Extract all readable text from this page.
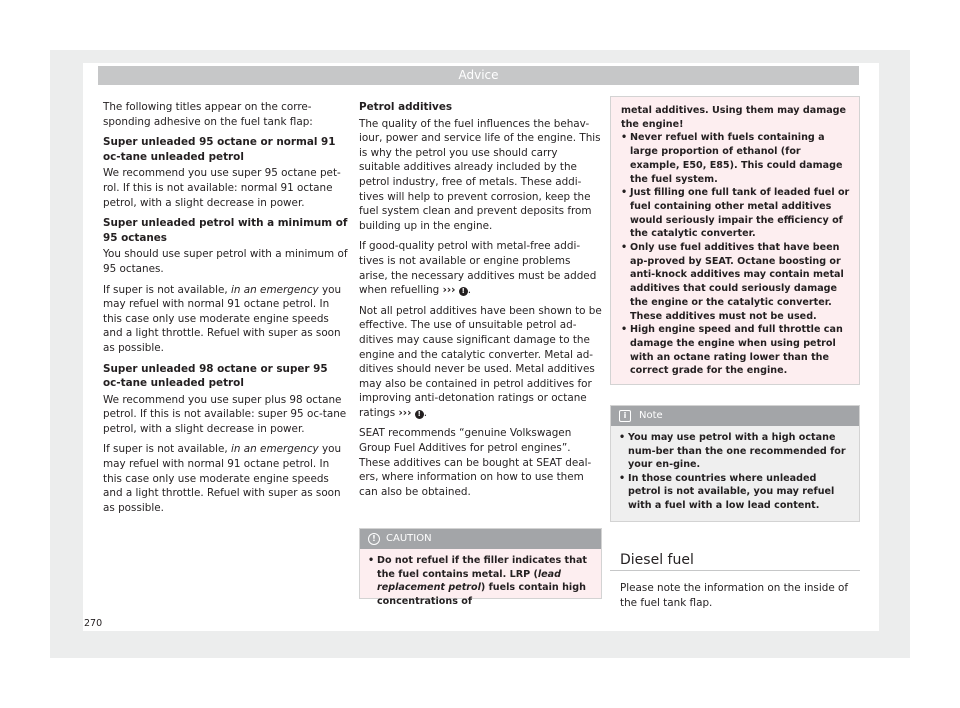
Advice

The following titles appear on the corre-sponding adhesive on the fuel tank flap:

Super unleaded 95 octane or normal 91 oc-tane unleaded petrol

We recommend you use super 95 octane pet-rol. If this is not available: normal 91 octane petrol, with a slight decrease in power.

Super unleaded petrol with a minimum of 95 octanes

You should use super petrol with a minimum of 95 octanes.

If super is not available, in an emergency you may refuel with normal 91 octane petrol. In this case only use moderate engine speeds and a light throttle. Refuel with super as soon as possible.

Super unleaded 98 octane or super 95 oc-tane unleaded petrol

We recommend you use super plus 98 octane petrol. If this is not available: super 95 oc-tane petrol, with a slight decrease in power.

If super is not available, in an emergency you may refuel with normal 91 octane petrol. In this case only use moderate engine speeds and a light throttle. Refuel with super as soon as possible.

Petrol additives

The quality of the fuel influences the behav-iour, power and service life of the engine. This is why the petrol you use should carry suitable additives already included by the petrol industry, free of metals. These addi-tives will help to prevent corrosion, keep the fuel system clean and prevent deposits from building up in the engine.

If good-quality petrol with metal-free addi-tives is not available or engine problems arise, the necessary additives must be added when refuelling ››› ! .

Not all petrol additives have been shown to be effective. The use of unsuitable petrol ad-ditives may cause significant damage to the engine and the catalytic converter. Metal ad-ditives should never be used. Metal additives may also be contained in petrol additives for improving anti-detonation ratings or octane ratings ››› ! .

SEAT recommends “genuine Volkswagen Group Fuel Additives for petrol engines”. These additives can be bought at SEAT deal-ers, where information on how to use them can also be obtained.

!	CAUTION
• Do not refuel if the filler indicates that the fuel contains metal. LRP (lead replacement petrol) fuels contain high concentrations of
metal additives. Using them may damage the engine!
• Never refuel with fuels containing a large proportion of ethanol (for example, E50, E85). This could damage the fuel system.
• Just filling one full tank of leaded fuel or fuel containing other metal additives would seriously impair the efficiency of the catalytic converter.
• Only use fuel additives that have been ap-proved by SEAT. Octane boosting or anti-knock additives may contain metal additives that could seriously damage the engine or the catalytic converter. These additives must not be used.
• High engine speed and full throttle can damage the engine when using petrol with an octane rating lower than the correct grade for the engine.
i	Note
• You may use petrol with a high octane num-ber than the one recommended for your en-gine.
• In those countries where unleaded petrol is not available, you may refuel with a fuel with a low lead content.
Diesel fuel
Please note the information on the inside of the fuel tank flap.
270
